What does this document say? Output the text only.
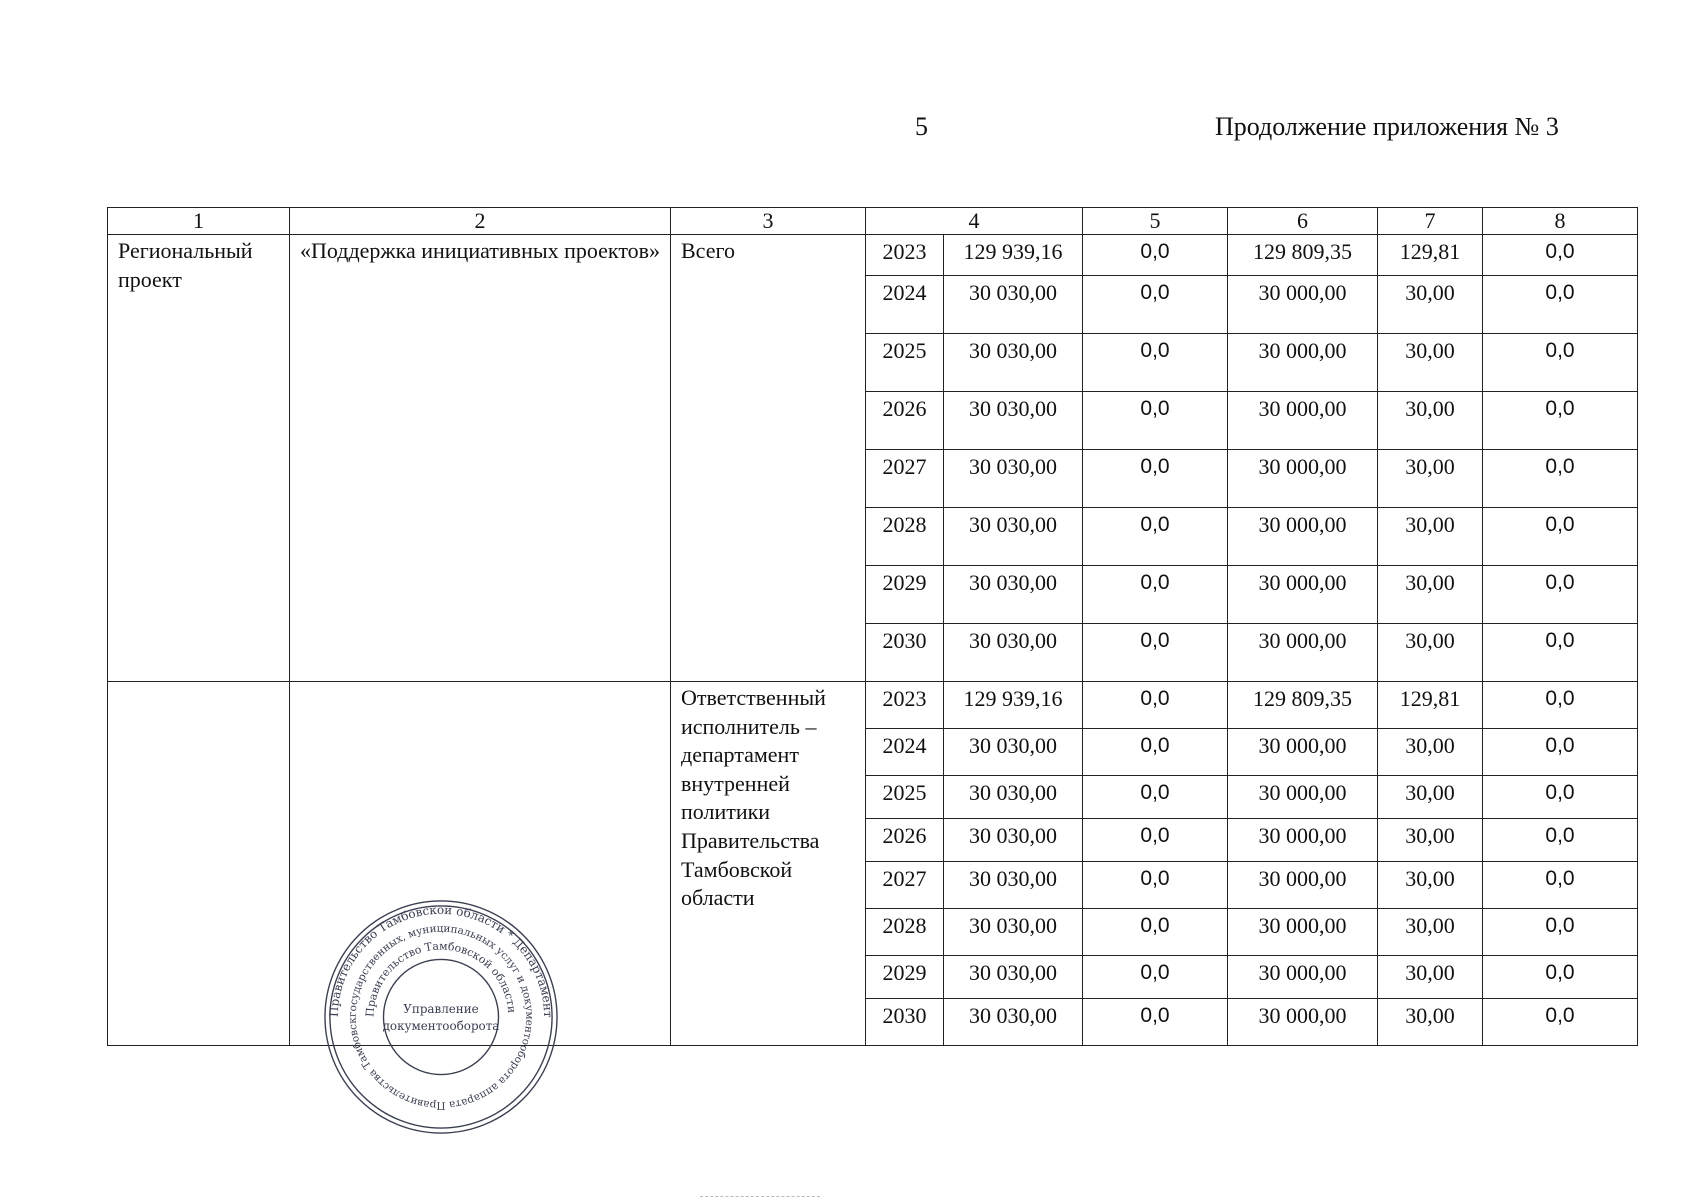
5	Продолжение приложения № 3
1	2	3	4		5	6	7	8
Региональный проект	«Поддержка инициативных проектов»	Всего	2023	129 939,16	0,0	129 809,35	129,81	0,0
			2024	30 030,00	0,0	30 000,00	30,00	0,0
			2025	30 030,00	0,0	30 000,00	30,00	0,0
			2026	30 030,00	0,0	30 000,00	30,00	0,0
			2027	30 030,00	0,0	30 000,00	30,00	0,0
			2028	30 030,00	0,0	30 000,00	30,00	0,0
			2029	30 030,00	0,0	30 000,00	30,00	0,0
			2030	30 030,00	0,0	30 000,00	30,00	0,0
		Ответственный исполнитель – департамент внутренней политики Правительства Тамбовской области	2023	129 939,16	0,0	129 809,35	129,81	0,0
			2024	30 030,00	0,0	30 000,00	30,00	0,0
			2025	30 030,00	0,0	30 000,00	30,00	0,0
			2026	30 030,00	0,0	30 000,00	30,00	0,0
			2027	30 030,00	0,0	30 000,00	30,00	0,0
			2028	30 030,00	0,0	30 000,00	30,00	0,0
			2029	30 030,00	0,0	30 000,00	30,00	0,0
			2030	30 030,00	0,0	30 000,00	30,00	0,0
Правительство Тамбовской области * Департамент
государственных, муниципальных услуг и документооборота аппарата Правительства Тамбовск
Правительство Тамбовской области
Управление
документооборота
